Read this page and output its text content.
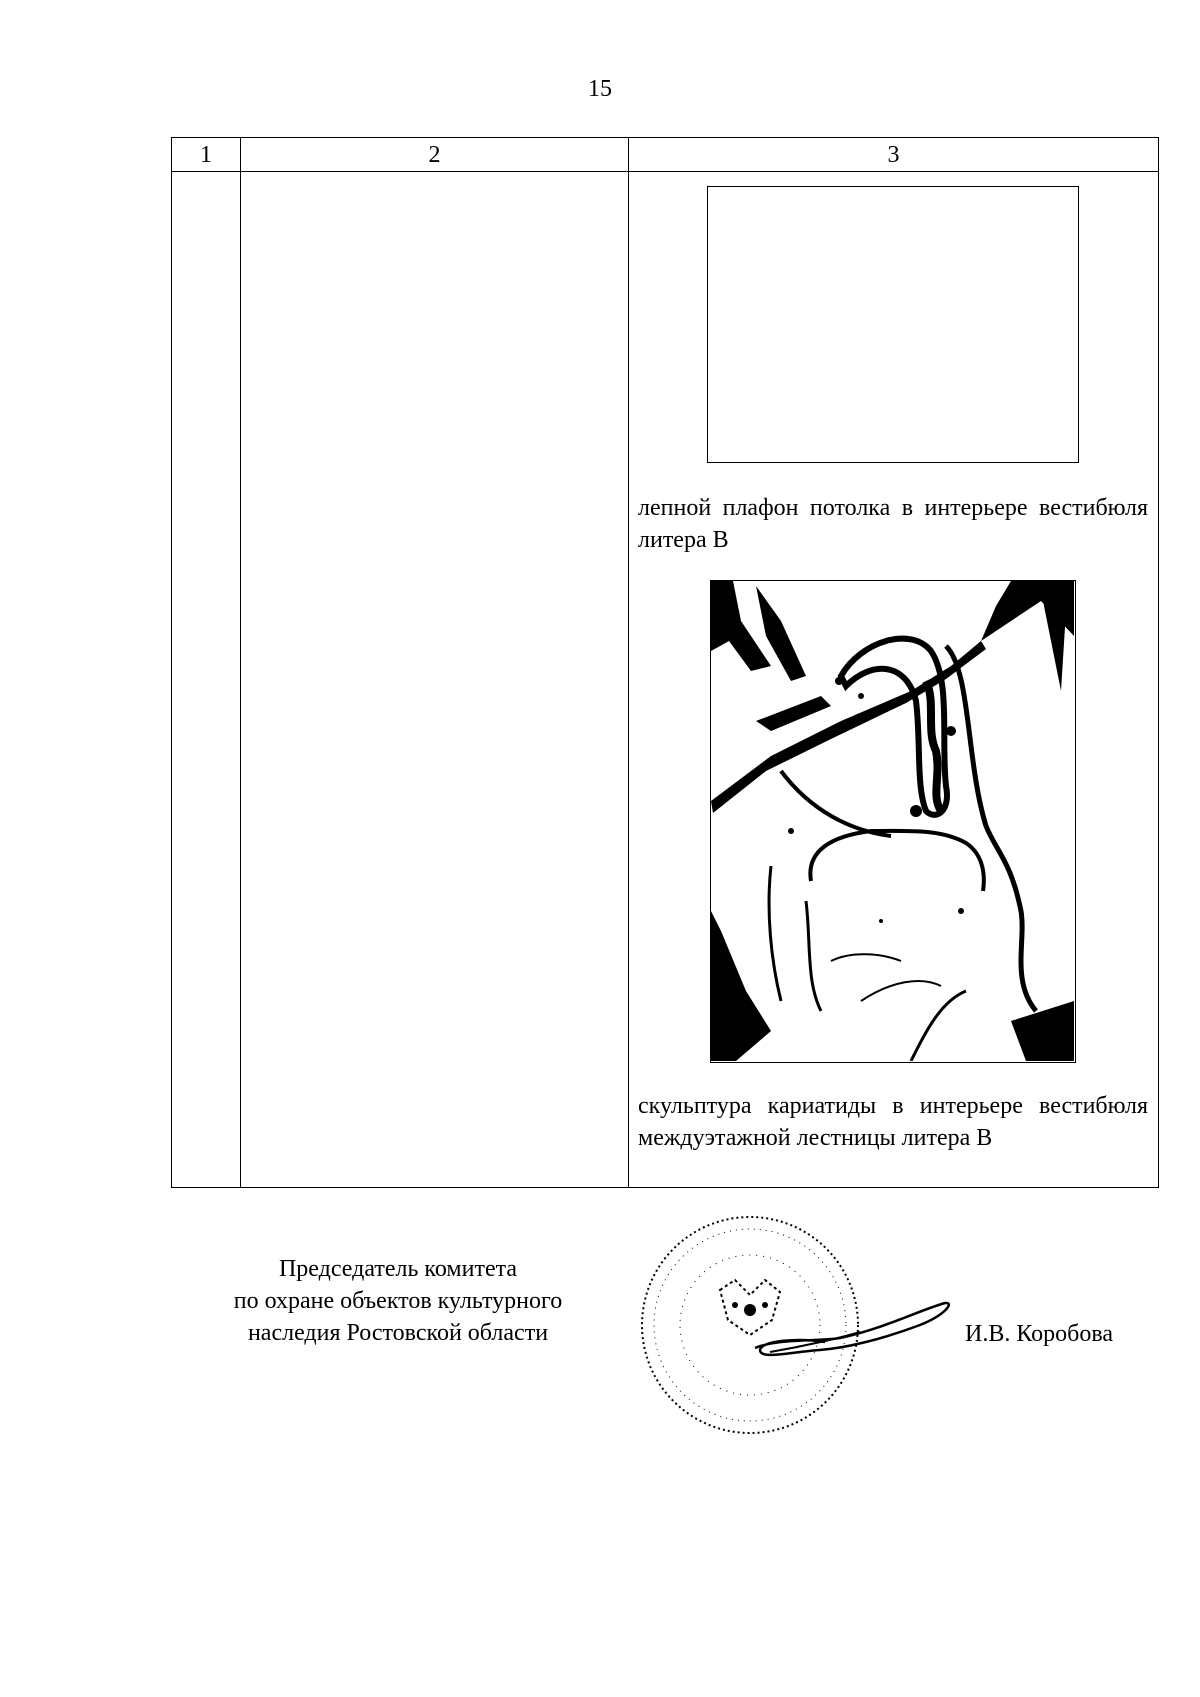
15
1	2	3

		лепной плафон потолка в интерьере вестибюля литера В
скульптура кариатиды в интерьере вестибюля междуэтажной лестницы литера В
Председатель комитета
по охране объектов культурного
наследия Ростовской области	И.В. Коробова
